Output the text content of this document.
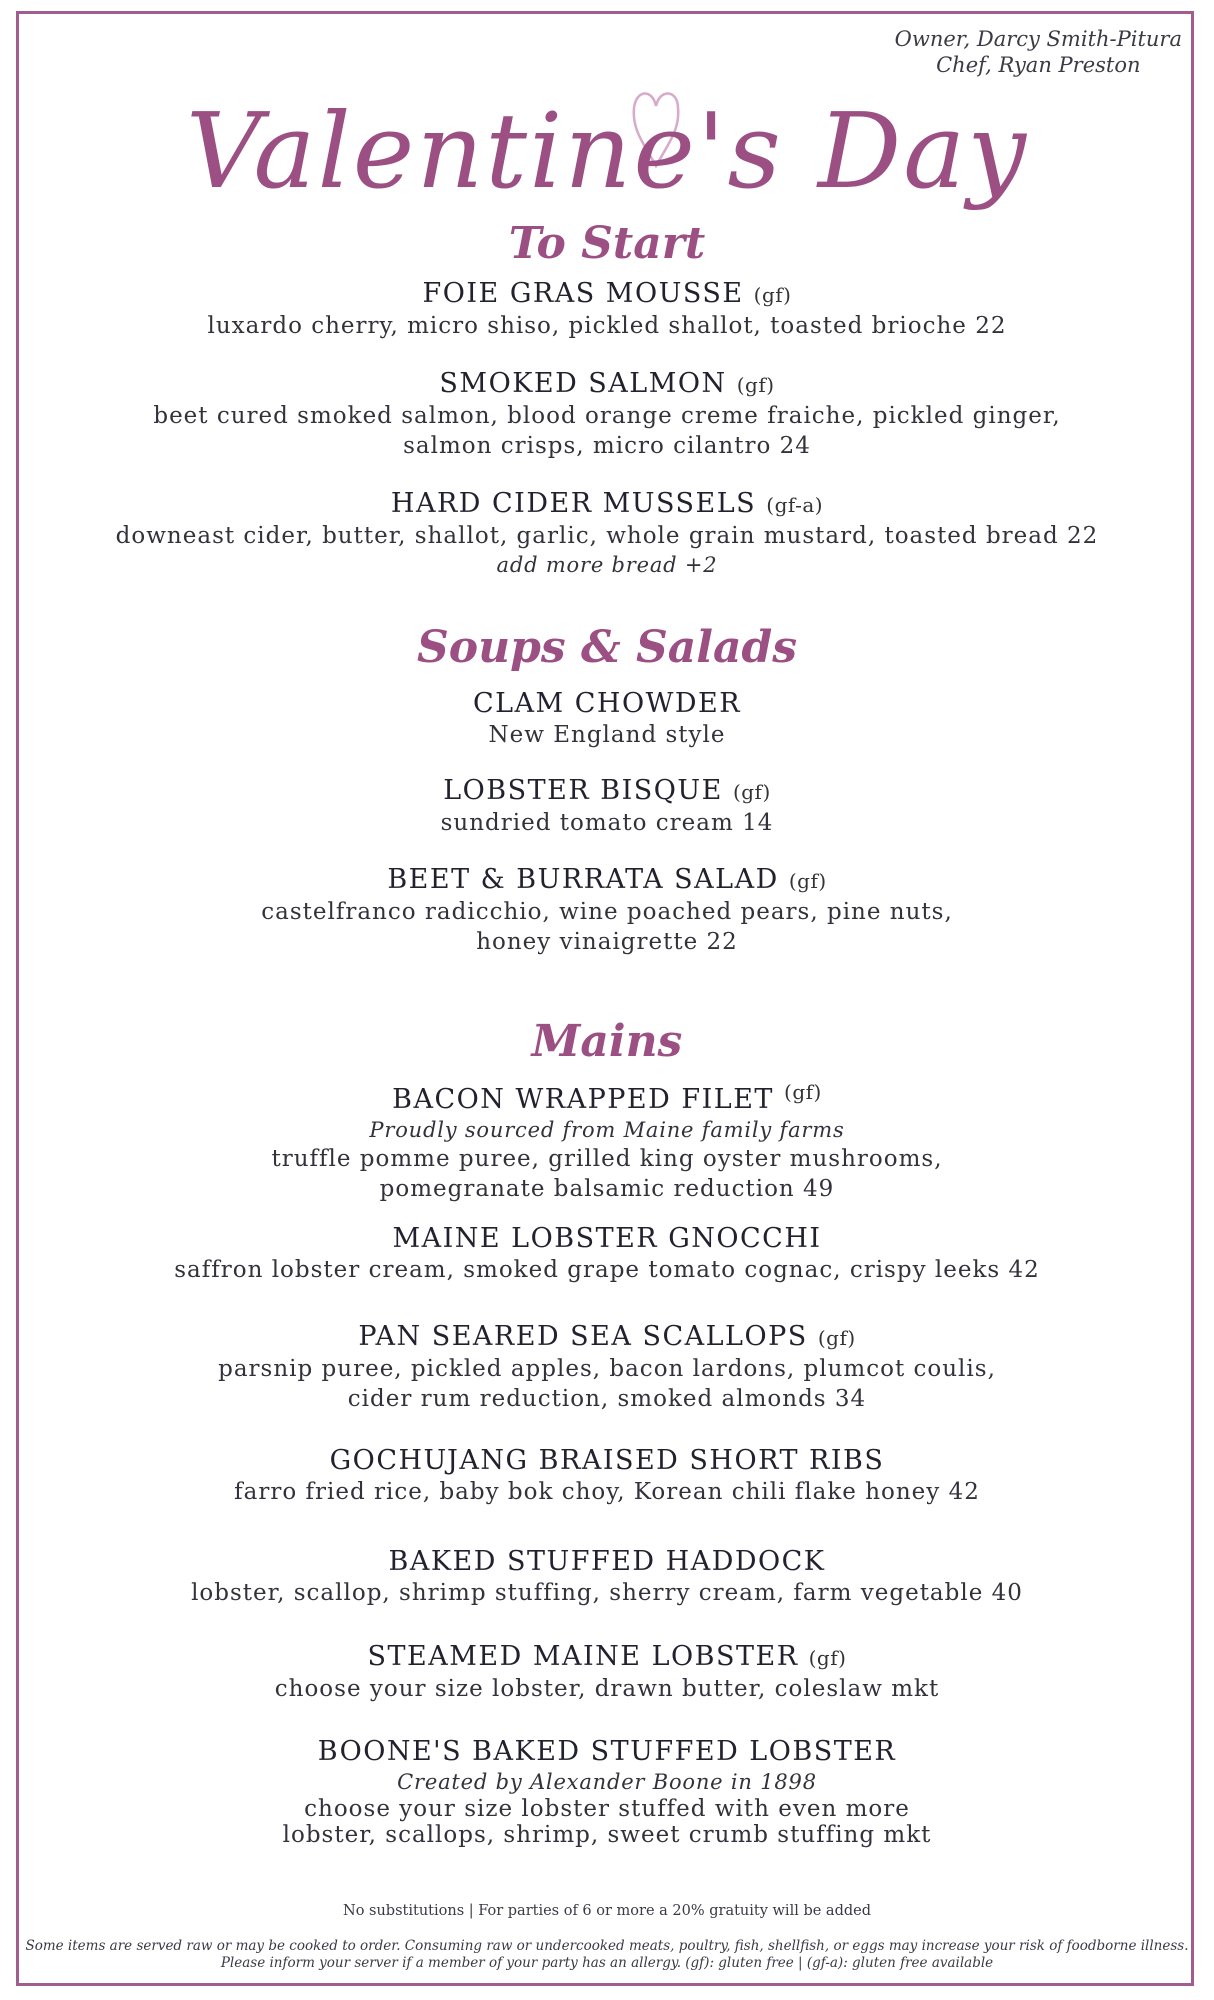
Owner, Darcy Smith-Pitura
Chef, Ryan Preston
Valentine's Day
To Start
FOIE GRAS MOUSSE (gf)
luxardo cherry, micro shiso, pickled shallot, toasted brioche 22
SMOKED SALMON (gf)
beet cured smoked salmon, blood orange creme fraiche, pickled ginger,
salmon crisps, micro cilantro 24
HARD CIDER MUSSELS (gf-a)
downeast cider, butter, shallot, garlic, whole grain mustard, toasted bread 22
add more bread +2
Soups & Salads
CLAM CHOWDER
New England style
LOBSTER BISQUE (gf)
sundried tomato cream 14
BEET & BURRATA SALAD (gf)
castelfranco radicchio, wine poached pears, pine nuts,
honey vinaigrette 22
Mains
BACON WRAPPED FILET $^{(gf)}$
Proudly sourced from Maine family farms
truffle pomme puree, grilled king oyster mushrooms,
pomegranate balsamic reduction 49
MAINE LOBSTER GNOCCHI
saffron lobster cream, smoked grape tomato cognac, crispy leeks 42
PAN SEARED SEA SCALLOPS (gf)
parsnip puree, pickled apples, bacon lardons, plumcot coulis,
cider rum reduction, smoked almonds 34
GOCHUJANG BRAISED SHORT RIBS
farro fried rice, baby bok choy, Korean chili flake honey 42
BAKED STUFFED HADDOCK
lobster, scallop, shrimp stuffing, sherry cream, farm vegetable 40
STEAMED MAINE LOBSTER (gf)
choose your size lobster, drawn butter, coleslaw mkt
BOONE'S BAKED STUFFED LOBSTER
Created by Alexander Boone in 1898
choose your size lobster stuffed with even more
lobster, scallops, shrimp, sweet crumb stuffing mkt
No substitutions | For parties of 6 or more a 20% gratuity will be added
Some items are served raw or may be cooked to order. Consuming raw or undercooked meats, poultry, fish, shellfish, or eggs may increase your risk of foodborne illness.
Please inform your server if a member of your party has an allergy. (gf): gluten free | (gf-a): gluten free available
